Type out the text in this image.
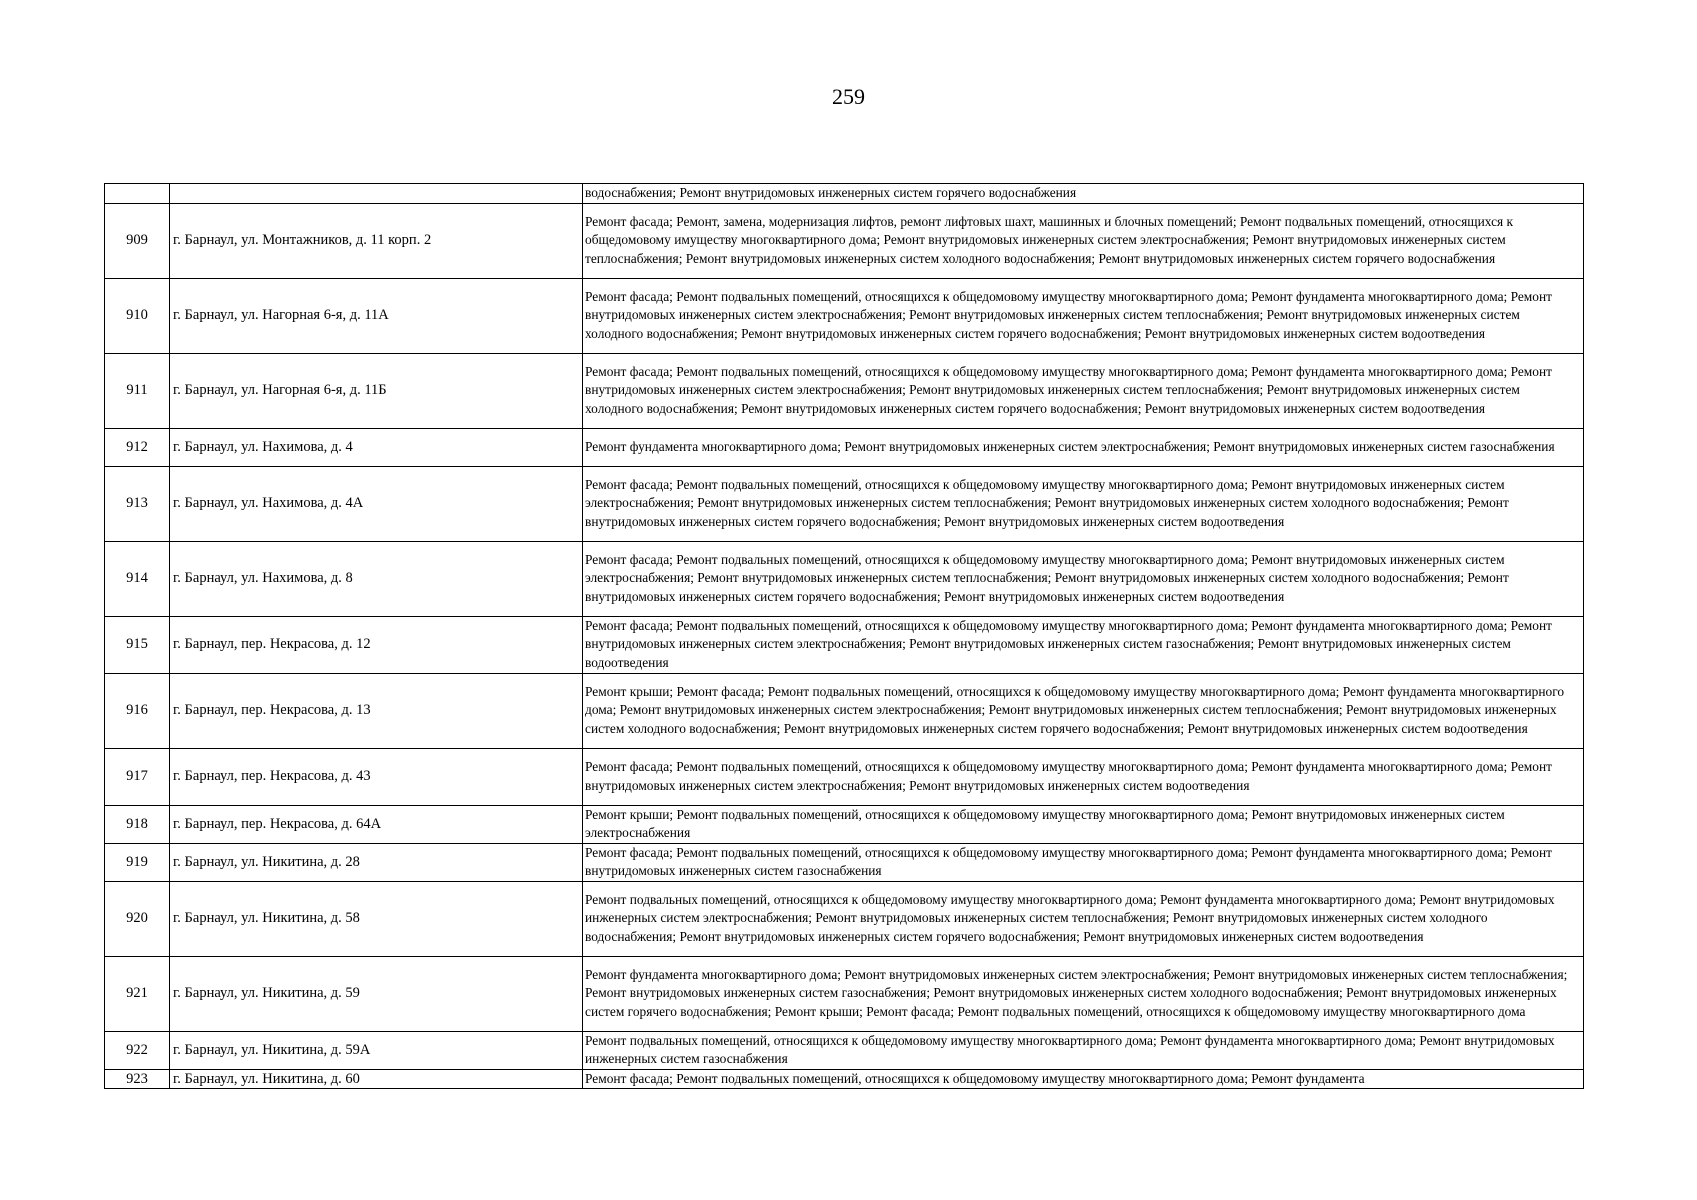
259
		водоснабжения; Ремонт внутридомовых инженерных систем горячего водоснабжения
909	г. Барнаул, ул. Монтажников, д. 11 корп. 2	Ремонт фасада; Ремонт, замена, модернизация лифтов, ремонт лифтовых шахт, машинных и блочных помещений; Ремонт подвальных помещений, относящихся к общедомовому имуществу многоквартирного дома; Ремонт внутридомовых инженерных систем электроснабжения; Ремонт внутридомовых инженерных систем теплоснабжения; Ремонт внутридомовых инженерных систем холодного водоснабжения; Ремонт внутридомовых инженерных систем горячего водоснабжения
910	г. Барнаул, ул. Нагорная 6-я, д. 11А	Ремонт фасада; Ремонт подвальных помещений, относящихся к общедомовому имуществу многоквартирного дома; Ремонт фундамента многоквартирного дома; Ремонт внутридомовых инженерных систем электроснабжения; Ремонт внутридомовых инженерных систем теплоснабжения; Ремонт внутридомовых инженерных систем холодного водоснабжения; Ремонт внутридомовых инженерных систем горячего водоснабжения; Ремонт внутридомовых инженерных систем водоотведения
911	г. Барнаул, ул. Нагорная 6-я, д. 11Б	Ремонт фасада; Ремонт подвальных помещений, относящихся к общедомовому имуществу многоквартирного дома; Ремонт фундамента многоквартирного дома; Ремонт внутридомовых инженерных систем электроснабжения; Ремонт внутридомовых инженерных систем теплоснабжения; Ремонт внутридомовых инженерных систем холодного водоснабжения; Ремонт внутридомовых инженерных систем горячего водоснабжения; Ремонт внутридомовых инженерных систем водоотведения
912	г. Барнаул, ул. Нахимова, д. 4	Ремонт фундамента многоквартирного дома; Ремонт внутридомовых инженерных систем электроснабжения; Ремонт внутридомовых инженерных систем газоснабжения
913	г. Барнаул, ул. Нахимова, д. 4А	Ремонт фасада; Ремонт подвальных помещений, относящихся к общедомовому имуществу многоквартирного дома; Ремонт внутридомовых инженерных систем электроснабжения; Ремонт внутридомовых инженерных систем теплоснабжения; Ремонт внутридомовых инженерных систем холодного водоснабжения; Ремонт внутридомовых инженерных систем горячего водоснабжения; Ремонт внутридомовых инженерных систем водоотведения
914	г. Барнаул, ул. Нахимова, д. 8	Ремонт фасада; Ремонт подвальных помещений, относящихся к общедомовому имуществу многоквартирного дома; Ремонт внутридомовых инженерных систем электроснабжения; Ремонт внутридомовых инженерных систем теплоснабжения; Ремонт внутридомовых инженерных систем холодного водоснабжения; Ремонт внутридомовых инженерных систем горячего водоснабжения; Ремонт внутридомовых инженерных систем водоотведения
915	г. Барнаул, пер. Некрасова, д. 12	Ремонт фасада; Ремонт подвальных помещений, относящихся к общедомовому имуществу многоквартирного дома; Ремонт фундамента многоквартирного дома; Ремонт внутридомовых инженерных систем электроснабжения; Ремонт внутридомовых инженерных систем газоснабжения; Ремонт внутридомовых инженерных систем водоотведения
916	г. Барнаул, пер. Некрасова, д. 13	Ремонт крыши; Ремонт фасада; Ремонт подвальных помещений, относящихся к общедомовому имуществу многоквартирного дома; Ремонт фундамента многоквартирного дома; Ремонт внутридомовых инженерных систем электроснабжения; Ремонт внутридомовых инженерных систем теплоснабжения; Ремонт внутридомовых инженерных систем холодного водоснабжения; Ремонт внутридомовых инженерных систем горячего водоснабжения; Ремонт внутридомовых инженерных систем водоотведения
917	г. Барнаул, пер. Некрасова, д. 43	Ремонт фасада; Ремонт подвальных помещений, относящихся к общедомовому имуществу многоквартирного дома; Ремонт фундамента многоквартирного дома; Ремонт внутридомовых инженерных систем электроснабжения; Ремонт внутридомовых инженерных систем водоотведения
918	г. Барнаул, пер. Некрасова, д. 64А	Ремонт крыши; Ремонт подвальных помещений, относящихся к общедомовому имуществу многоквартирного дома; Ремонт внутридомовых инженерных систем электроснабжения
919	г. Барнаул, ул. Никитина, д. 28	Ремонт фасада; Ремонт подвальных помещений, относящихся к общедомовому имуществу многоквартирного дома; Ремонт фундамента многоквартирного дома; Ремонт внутридомовых инженерных систем газоснабжения
920	г. Барнаул, ул. Никитина, д. 58	Ремонт подвальных помещений, относящихся к общедомовому имуществу многоквартирного дома; Ремонт фундамента многоквартирного дома; Ремонт внутридомовых инженерных систем электроснабжения; Ремонт внутридомовых инженерных систем теплоснабжения; Ремонт внутридомовых инженерных систем холодного водоснабжения; Ремонт внутридомовых инженерных систем горячего водоснабжения; Ремонт внутридомовых инженерных систем водоотведения
921	г. Барнаул, ул. Никитина, д. 59	Ремонт фундамента многоквартирного дома; Ремонт внутридомовых инженерных систем электроснабжения; Ремонт внутридомовых инженерных систем теплоснабжения; Ремонт внутридомовых инженерных систем газоснабжения; Ремонт внутридомовых инженерных систем холодного водоснабжения; Ремонт внутридомовых инженерных систем горячего водоснабжения; Ремонт крыши; Ремонт фасада; Ремонт подвальных помещений, относящихся к общедомовому имуществу многоквартирного дома
922	г. Барнаул, ул. Никитина, д. 59А	Ремонт подвальных помещений, относящихся к общедомовому имуществу многоквартирного дома; Ремонт фундамента многоквартирного дома; Ремонт внутридомовых инженерных систем газоснабжения
923	г. Барнаул, ул. Никитина, д. 60	Ремонт фасада; Ремонт подвальных помещений, относящихся к общедомовому имуществу многоквартирного дома; Ремонт фундамента
